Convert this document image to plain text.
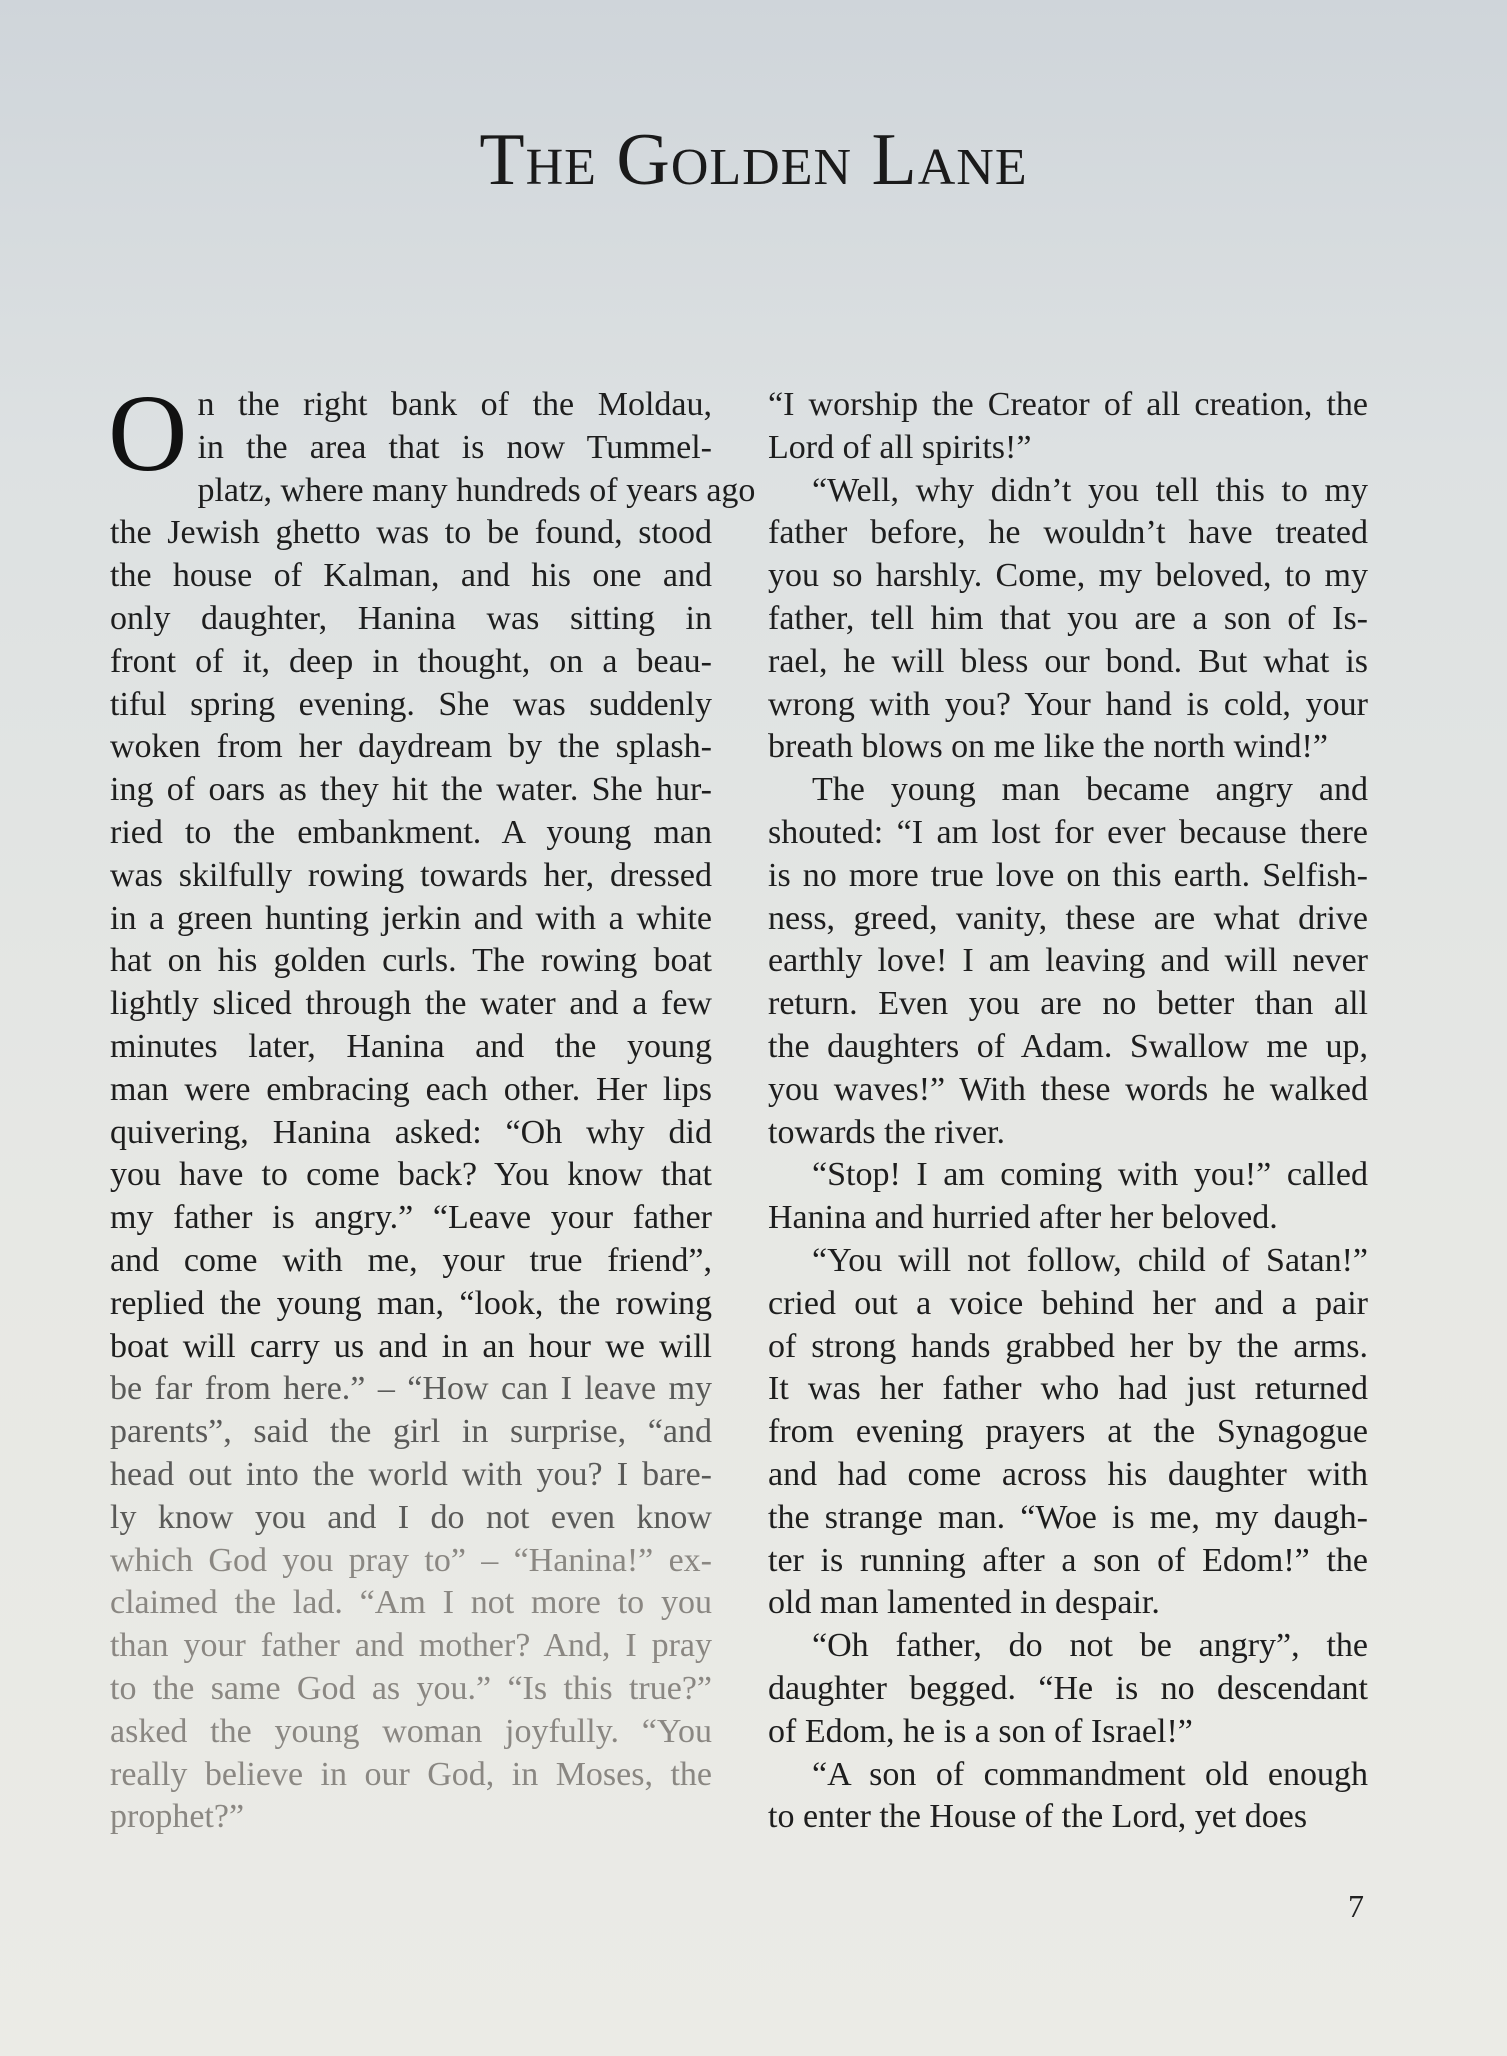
The Golden Lane
O n the right bank of the Moldau,
in the area that is now Tummel-
platz, where many hundreds of years ago
the Jewish ghetto was to be found, stood
the house of Kalman, and his one and
only daughter, Hanina was sitting in
front of it, deep in thought, on a beau-
tiful spring evening. She was suddenly
woken from her daydream by the splash-
ing of oars as they hit the water. She hur-
ried to the embankment. A young man
was skilfully rowing towards her, dressed
in a green hunting jerkin and with a white
hat on his golden curls. The rowing boat
lightly sliced through the water and a few
minutes later, Hanina and the young
man were embracing each other. Her lips
quivering, Hanina asked: “Oh why did
you have to come back? You know that
my father is angry.” “Leave your father
and come with me, your true friend”,
replied the young man, “look, the rowing
boat will carry us and in an hour we will
be far from here.” – “How can I leave my
parents”, said the girl in surprise, “and
head out into the world with you? I bare-
ly know you and I do not even know
which God you pray to” – “Hanina!” ex-
claimed the lad. “Am I not more to you
than your father and mother? And, I pray
to the same God as you.” “Is this true?”
asked the young woman joyfully. “You
really believe in our God, in Moses, the
prophet?”

“I worship the Creator of all creation, the
Lord of all spirits!”

“Well, why didn’t you tell this to my
father before, he wouldn’t have treated
you so harshly. Come, my beloved, to my
father, tell him that you are a son of Is-
rael, he will bless our bond. But what is
wrong with you? Your hand is cold, your
breath blows on me like the north wind!”

The young man became angry and
shouted: “I am lost for ever because there
is no more true love on this earth. Selfish-
ness, greed, vanity, these are what drive
earthly love! I am leaving and will never
return. Even you are no better than all
the daughters of Adam. Swallow me up,
you waves!” With these words he walked
towards the river.

“Stop! I am coming with you!” called
Hanina and hurried after her beloved.

“You will not follow, child of Satan!”
cried out a voice behind her and a pair
of strong hands grabbed her by the arms.
It was her father who had just returned
from evening prayers at the Synagogue
and had come across his daughter with
the strange man. “Woe is me, my daugh-
ter is running after a son of Edom!” the
old man lamented in despair.

“Oh father, do not be angry”, the
daughter begged. “He is no descendant
of Edom, he is a son of Israel!”

“A son of commandment old enough
to enter the House of the Lord, yet does

7
